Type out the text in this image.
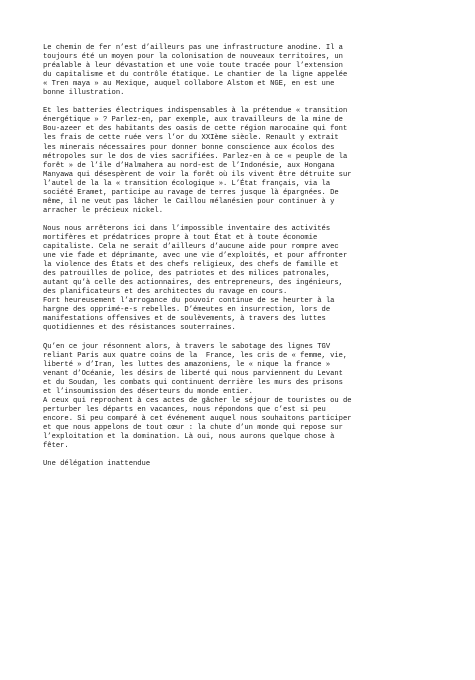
Le chemin de fer n’est d’ailleurs pas une infrastructure anodine. Il a
toujours été un moyen pour la colonisation de nouveaux territoires, un
préalable à leur dévastation et une voie toute tracée pour l’extension
du capitalisme et du contrôle étatique. Le chantier de la ligne appelée
« Tren maya » au Mexique, auquel collabore Alstom et NGE, en est une
bonne illustration.

Et les batteries électriques indispensables à la prétendue « transition
énergétique » ? Parlez-en, par exemple, aux travailleurs de la mine de
Bou-azeer et des habitants des oasis de cette région marocaine qui font
les frais de cette ruée vers l’or du XXIème siècle. Renault y extrait
les minerais nécessaires pour donner bonne conscience aux écolos des
métropoles sur le dos de vies sacrifiées. Parlez-en à ce « peuple de la
forêt » de l’île d’Halmahera au nord-est de l’Indonésie, aux Hongana
Manyawa qui désespèrent de voir la forêt où ils vivent être détruite sur
l’autel de la la « transition écologique ». L’État français, via la
société Eramet, participe au ravage de terres jusque là épargnées. De
même, il ne veut pas lâcher le Caillou mélanésien pour continuer à y
arracher le précieux nickel.

Nous nous arrêterons ici dans l’impossible inventaire des activités
mortifères et prédatrices propre à tout État et à toute économie
capitaliste. Cela ne serait d’ailleurs d’aucune aide pour rompre avec
une vie fade et déprimante, avec une vie d’exploités, et pour affronter
la violence des États et des chefs religieux, des chefs de famille et
des patrouilles de police, des patriotes et des milices patronales,
autant qu’à celle des actionnaires, des entrepreneurs, des ingénieurs,
des planificateurs et des architectes du ravage en cours.
Fort heureusement l’arrogance du pouvoir continue de se heurter à la
hargne des opprimé-e-s rebelles. D’émeutes en insurrection, lors de
manifestations offensives et de soulèvements, à travers des luttes
quotidiennes et des résistances souterraines.

Qu’en ce jour résonnent alors, à travers le sabotage des lignes TGV
reliant Paris aux quatre coins de la  France, les cris de « femme, vie,
liberté » d’Iran, les luttes des amazoniens, le « nique la france »
venant d’Océanie, les désirs de liberté qui nous parviennent du Levant
et du Soudan, les combats qui continuent derrière les murs des prisons
et l’insoumission des déserteurs du monde entier.
A ceux qui reprochent à ces actes de gâcher le séjour de touristes ou de
perturber les départs en vacances, nous répondons que c’est si peu
encore. Si peu comparé à cet événement auquel nous souhaitons participer
et que nous appelons de tout cœur : la chute d’un monde qui repose sur
l’exploitation et la domination. Là oui, nous aurons quelque chose à
fêter.

Une délégation inattendue
